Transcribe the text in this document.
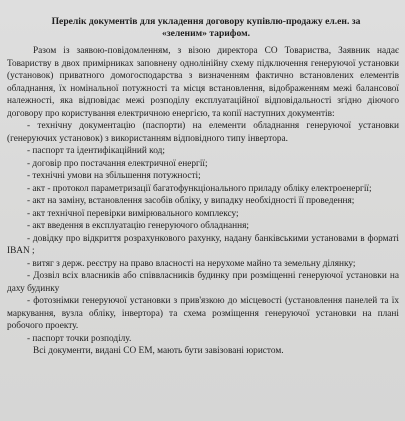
Перелік документів для укладення договору купівлю-продажу ел.ен. за
«зеленим» тарифом.

Разом із заявою-повідомленням, з візою директора СО Товариства, Заявник надає Товариству в двох примірниках заповнену однолінійну схему підключення генеруючої установки (установок) приватного домогосподарства з визначенням фактично встановлених елементів обладнання, їх номінальної потужності та місця встановлення, відображенням межі балансової належності, яка відповідає межі розподілу експлуатаційної відповідальності згідно діючого договору про користування електричною енергією, та копії наступних документів:

- технічну документацію (паспорти) на елементи обладнання генеруючої установки (генеруючих установок) з використанням відповідного типу інвертора.

- паспорт та ідентифікаційний код;

- договір про постачання електричної енергії;

- технічні умови на збільшення потужності;

- акт - протокол параметризації багатофункціонального приладу обліку електроенергії;

- акт на заміну, встановлення засобів обліку, у випадку необхідності її проведення;

- акт технічної перевірки вимірювального комплексу;

- акт введення в експлуатацію генеруючого обладнання;

- довідку про відкриття розрахункового рахунку, надану банківськими установами в форматі IBAN ;

- витяг з держ. реєстру на право власності на нерухоме майно та земельну ділянку;

- Дозвіл всіх власників або співвласників будинку при розміщенні генеруючої установки на даху будинку

- фотознімки генеруючої установки з прив'язкою до місцевості (установлення панелей та їх маркування, вузла обліку, інвертора) та схема розміщення генеруючої установки на плані робочого проекту.

- паспорт точки розподілу.

Всі документи, видані СО ЕМ, мають бути завізовані юристом.
